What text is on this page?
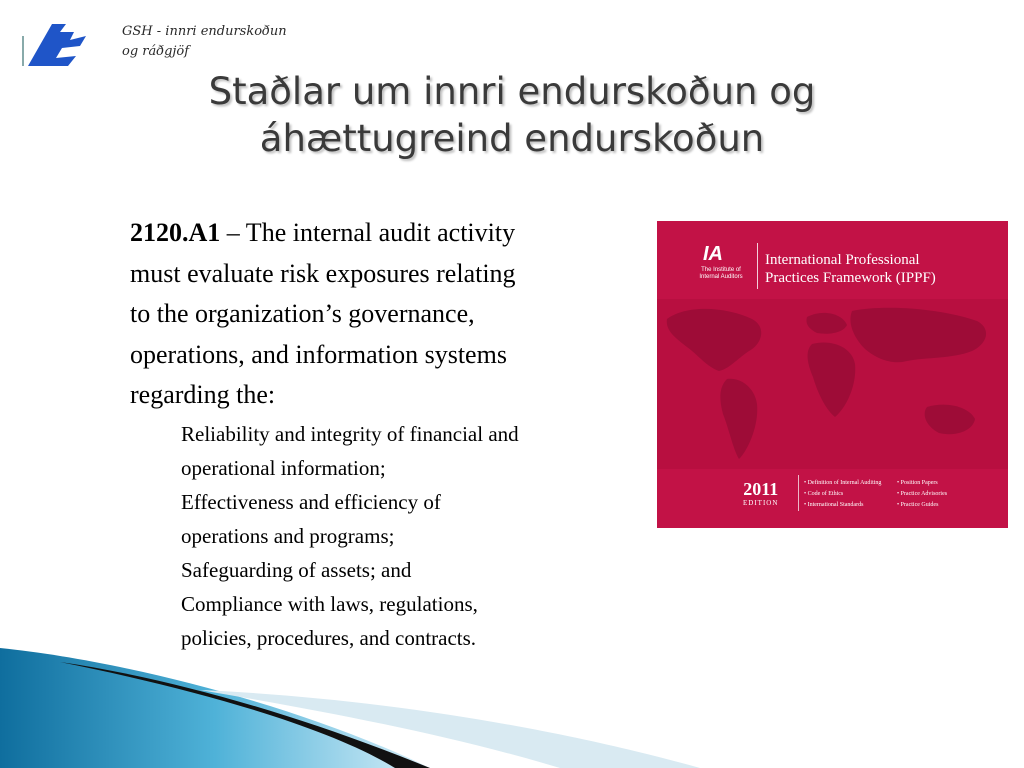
GSH - innri endurskoðun
og ráðgjöf
Staðlar um innri endurskoðun og
áhættugreind endurskoðun
2120.A1 – The internal audit activity
must evaluate risk exposures relating
to the organization’s governance,
operations, and information systems
regarding the:
Reliability and integrity of financial and
operational information;
Effectiveness and efficiency of
operations and programs;
Safeguarding of assets; and
Compliance with laws, regulations,
policies, procedures, and contracts.
IA
The Institute of Internal Auditors
International Professional
Practices Framework (IPPF)
2011
EDITION
• Definition of Internal Auditing
• Code of Ethics
• International Standards
• Position Papers
• Practice Advisories
• Practice Guides
